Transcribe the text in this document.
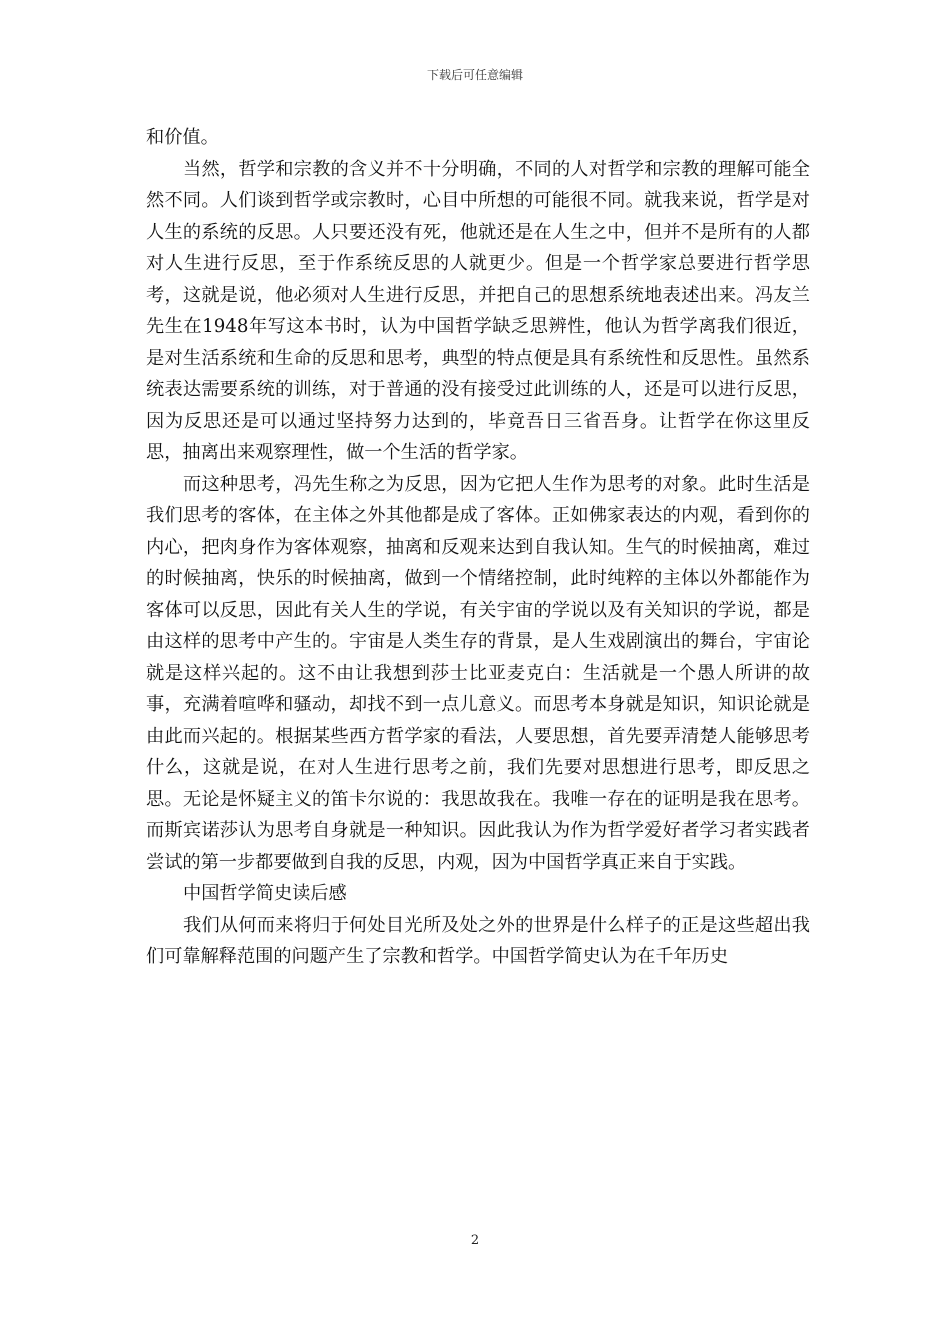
下载后可任意编辑

和价值。

当然，哲学和宗教的含义并不十分明确，不同的人对哲学和宗教的理解可能全然不同。人们谈到哲学或宗教时，心目中所想的可能很不同。就我来说，哲学是对人生的系统的反思。人只要还没有死，他就还是在人生之中，但并不是所有的人都对人生进行反思，至于作系统反思的人就更少。但是一个哲学家总要进行哲学思考，这就是说，他必须对人生进行反思，并把自己的思想系统地表述出来。冯友兰先生在1948年写这本书时，认为中国哲学缺乏思辨性，他认为哲学离我们很近，是对生活系统和生命的反思和思考，典型的特点便是具有系统性和反思性。虽然系统表达需要系统的训练，对于普通的没有接受过此训练的人，还是可以进行反思，因为反思还是可以通过坚持努力达到的，毕竟吾日三省吾身。让哲学在你这里反思，抽离出来观察理性，做一个生活的哲学家。

而这种思考，冯先生称之为反思，因为它把人生作为思考的对象。此时生活是我们思考的客体，在主体之外其他都是成了客体。正如佛家表达的内观，看到你的内心，把肉身作为客体观察，抽离和反观来达到自我认知。生气的时候抽离，难过的时候抽离，快乐的时候抽离，做到一个情绪控制，此时纯粹的主体以外都能作为客体可以反思，因此有关人生的学说，有关宇宙的学说以及有关知识的学说，都是由这样的思考中产生的。宇宙是人类生存的背景，是人生戏剧演出的舞台，宇宙论就是这样兴起的。这不由让我想到莎士比亚麦克白：生活就是一个愚人所讲的故事，充满着喧哗和骚动，却找不到一点儿意义。而思考本身就是知识，知识论就是由此而兴起的。根据某些西方哲学家的看法，人要思想，首先要弄清楚人能够思考什么，这就是说，在对人生进行思考之前，我们先要对思想进行思考，即反思之思。无论是怀疑主义的笛卡尔说的：我思故我在。我唯一存在的证明是我在思考。而斯宾诺莎认为思考自身就是一种知识。因此我认为作为哲学爱好者学习者实践者尝试的第一步都要做到自我的反思，内观，因为中国哲学真正来自于实践。

中国哲学简史读后感

我们从何而来将归于何处目光所及处之外的世界是什么样子的正是这些超出我们可靠解释范围的问题产生了宗教和哲学。中国哲学简史认为在千年历史

2
